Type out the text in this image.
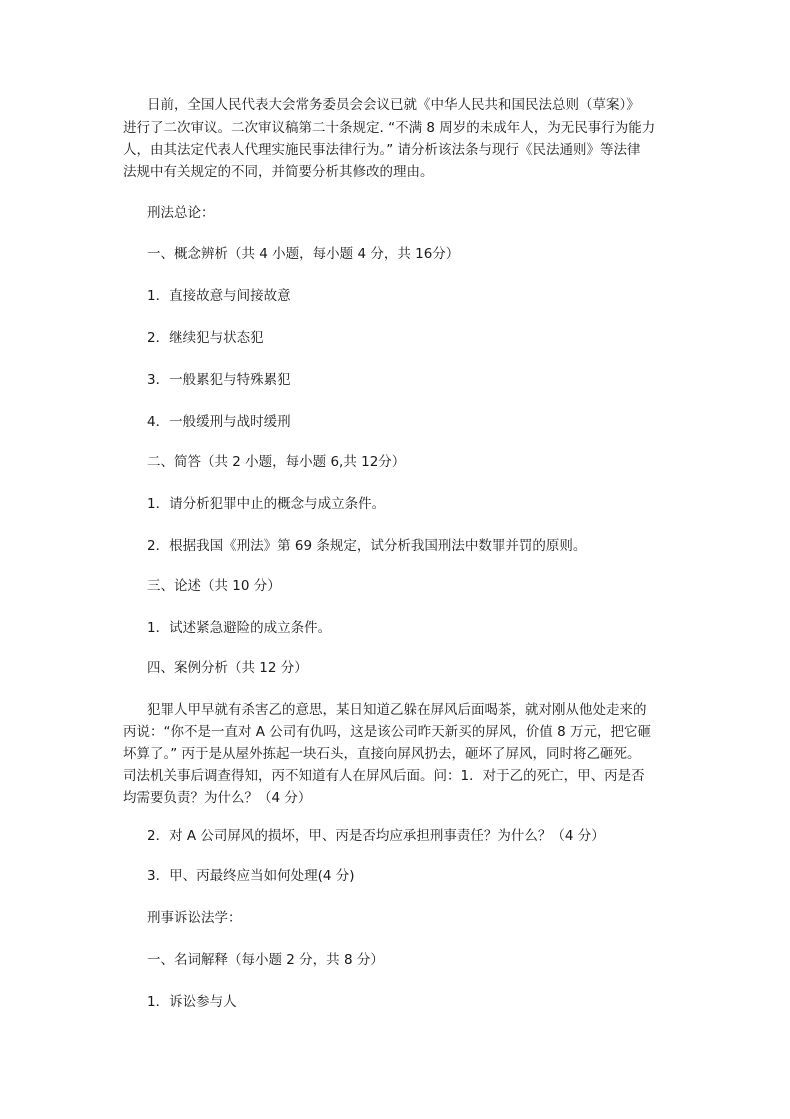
日前，全国人民代表大会常务委员会会议已就《中华人民共和国民法总则（草案）》
进行了二次审议。二次审议稿第二十条规定. “不满 8 周岁的未成年人，为无民事行为能力
人，由其法定代表人代理实施民事法律行为。” 请分析该法条与现行《民法通则》等法律
法规中有关规定的不同，并简要分析其修改的理由。
刑法总论：
一、概念辨析（共 4 小题，每小题 4 分，共 16分）
1．直接故意与间接故意
2．继续犯与状态犯
3．一般累犯与特殊累犯
4．一般缓刑与战时缓刑
二、简答（共 2 小题，每小题 6,共 12分）
1．请分析犯罪中止的概念与成立条件。
2．根据我国《刑法》第 69 条规定，试分析我国刑法中数罪并罚的原则。
三、论述（共 10 分）
1．试述紧急避险的成立条件。
四、案例分析（共 12 分）
犯罪人甲早就有杀害乙的意思，某日知道乙躲在屏风后面喝茶，就对刚从他处走来的
丙说：“你不是一直对 A 公司有仇吗，这是该公司昨天新买的屏风，价值 8 万元，把它砸
坏算了。” 丙于是从屋外拣起一块石头，直接向屏风扔去，砸坏了屏风，同时将乙砸死。
司法机关事后调查得知，丙不知道有人在屏风后面。问：1．对于乙的死亡，甲、丙是否
均需要负责？为什么？（4 分）
2．对 A 公司屏风的损坏，甲、丙是否均应承担刑事责任？为什么？（4 分）
3．甲、丙最终应当如何处理(4 分)
刑事诉讼法学：
一、名词解释（每小题 2 分，共 8 分）
1．诉讼参与人
